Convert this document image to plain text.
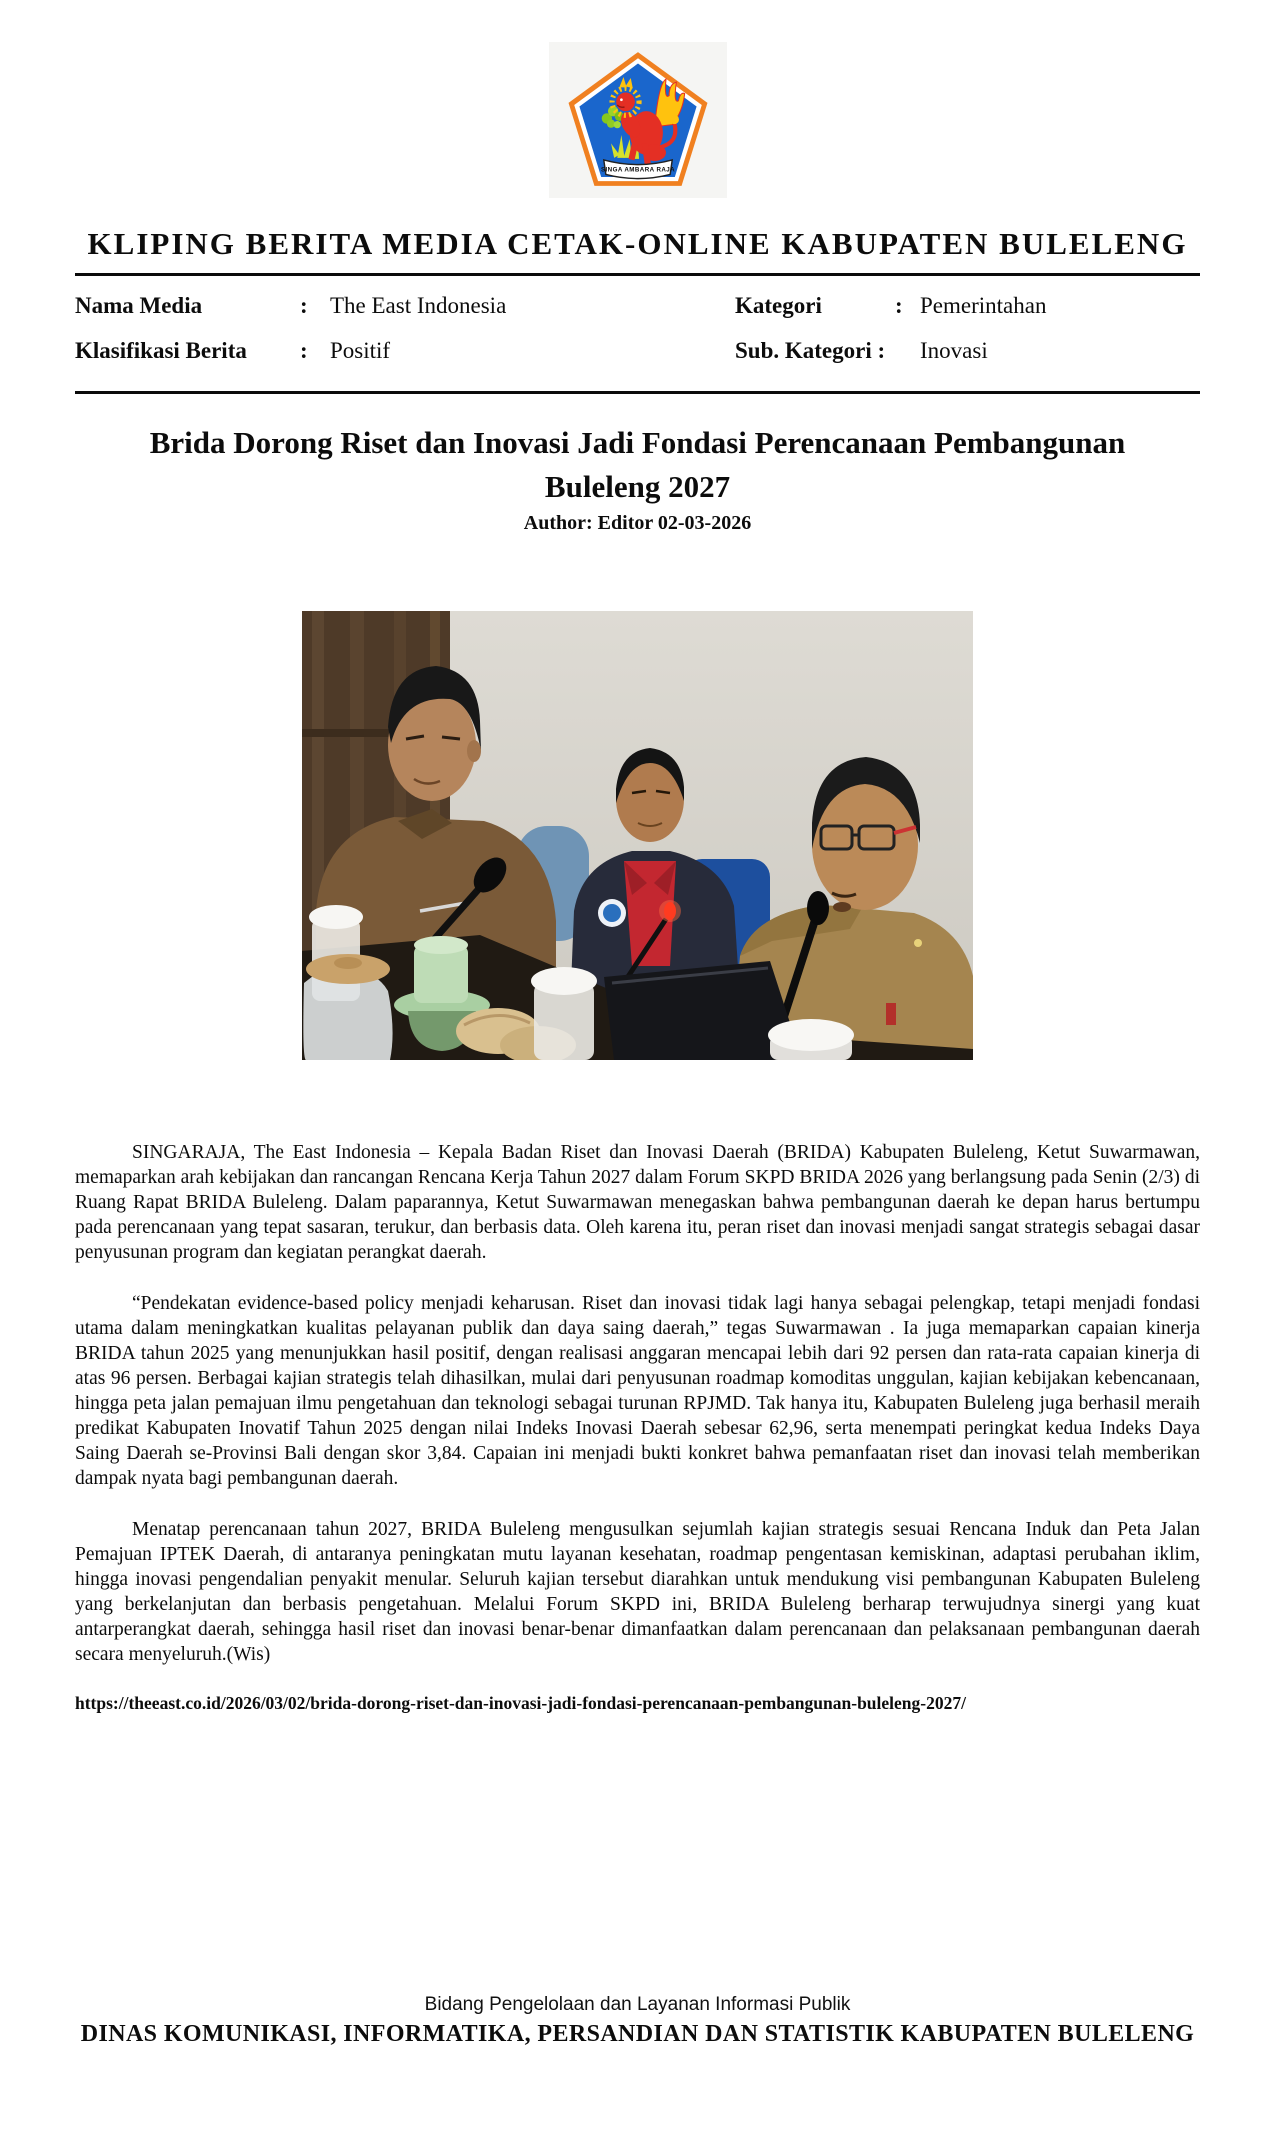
SINGA AMBARA RAJA
KLIPING BERITA MEDIA CETAK-ONLINE KABUPATEN BULELENG
Nama Media	: The East Indonesia	Kategori	: Pemerintahan
Klasifikasi Berita	: Positif	Sub. Kategori :	Inovasi
Brida Dorong Riset dan Inovasi Jadi Fondasi Perencanaan Pembangunan Buleleng 2027
Author: Editor 02-03-2026

SINGARAJA, The East Indonesia – Kepala Badan Riset dan Inovasi Daerah (BRIDA) Kabupaten Buleleng, Ketut Suwarmawan, memaparkan arah kebijakan dan rancangan Rencana Kerja Tahun 2027 dalam Forum SKPD BRIDA 2026 yang berlangsung pada Senin (2/3) di Ruang Rapat BRIDA Buleleng. Dalam paparannya, Ketut Suwarmawan menegaskan bahwa pembangunan daerah ke depan harus bertumpu pada perencanaan yang tepat sasaran, terukur, dan berbasis data. Oleh karena itu, peran riset dan inovasi menjadi sangat strategis sebagai dasar penyusunan program dan kegiatan perangkat daerah.

“Pendekatan evidence-based policy menjadi keharusan. Riset dan inovasi tidak lagi hanya sebagai pelengkap, tetapi menjadi fondasi utama dalam meningkatkan kualitas pelayanan publik dan daya saing daerah,” tegas Suwarmawan . Ia juga memaparkan capaian kinerja BRIDA tahun 2025 yang menunjukkan hasil positif, dengan realisasi anggaran mencapai lebih dari 92 persen dan rata-rata capaian kinerja di atas 96 persen. Berbagai kajian strategis telah dihasilkan, mulai dari penyusunan roadmap komoditas unggulan, kajian kebijakan kebencanaan, hingga peta jalan pemajuan ilmu pengetahuan dan teknologi sebagai turunan RPJMD. Tak hanya itu, Kabupaten Buleleng juga berhasil meraih predikat Kabupaten Inovatif Tahun 2025 dengan nilai Indeks Inovasi Daerah sebesar 62,96, serta menempati peringkat kedua Indeks Daya Saing Daerah se-Provinsi Bali dengan skor 3,84. Capaian ini menjadi bukti konkret bahwa pemanfaatan riset dan inovasi telah memberikan dampak nyata bagi pembangunan daerah.

Menatap perencanaan tahun 2027, BRIDA Buleleng mengusulkan sejumlah kajian strategis sesuai Rencana Induk dan Peta Jalan Pemajuan IPTEK Daerah, di antaranya peningkatan mutu layanan kesehatan, roadmap pengentasan kemiskinan, adaptasi perubahan iklim, hingga inovasi pengendalian penyakit menular. Seluruh kajian tersebut diarahkan untuk mendukung visi pembangunan Kabupaten Buleleng yang berkelanjutan dan berbasis pengetahuan. Melalui Forum SKPD ini, BRIDA Buleleng berharap terwujudnya sinergi yang kuat antarperangkat daerah, sehingga hasil riset dan inovasi benar-benar dimanfaatkan dalam perencanaan dan pelaksanaan pembangunan daerah secara menyeluruh.(Wis)

https://theeast.co.id/2026/03/02/brida-dorong-riset-dan-inovasi-jadi-fondasi-perencanaan-pembangunan-buleleng-2027/
Bidang Pengelolaan dan Layanan Informasi Publik
DINAS KOMUNIKASI, INFORMATIKA, PERSANDIAN DAN STATISTIK KABUPATEN BULELENG
